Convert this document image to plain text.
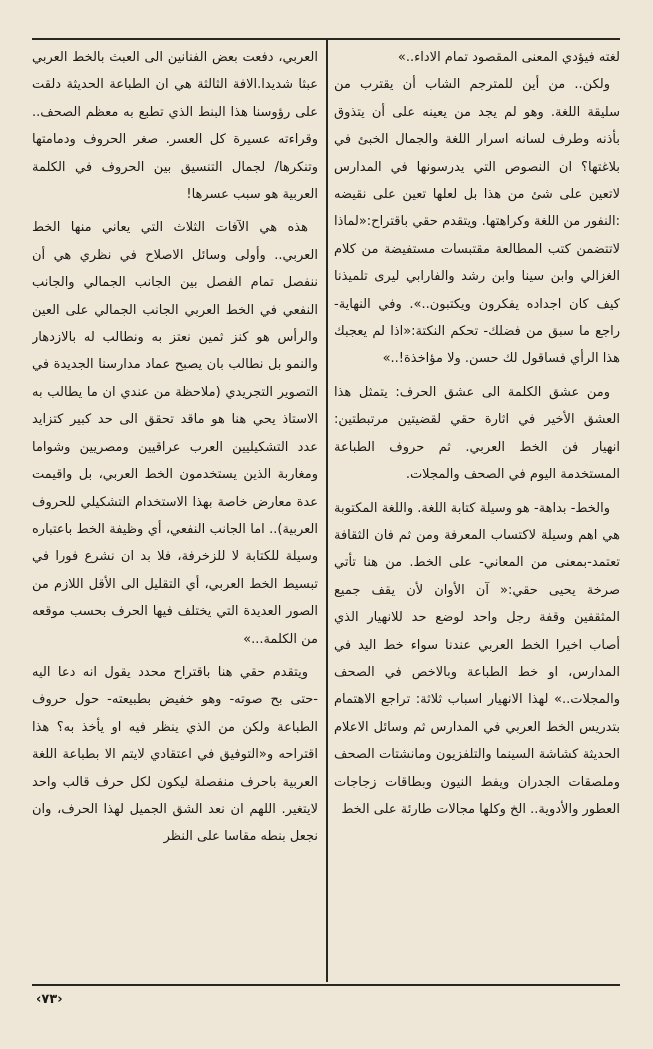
لغته فيؤدي المعنى المقصود تمام الاداء..»

ولكن.. من أين للمترجم الشاب أن يقترب من سليقة اللغة. وهو لم يجد من يعينه على أن يتذوق بأذنه وطرف لسانه اسرار اللغة والجمال الخبئ في بلاغتها؟ ان النصوص التي يدرسونها في المدارس لاتعين على شئ من هذا بل لعلها تعين على نقيضه :النفور من اللغة وكراهتها. ويتقدم حقي باقتراح:«لماذا لاتتضمن كتب المطالعة مقتبسات مستفيضة من كلام الغزالي وابن سينا وابن رشد والفارابي ليرى تلميذنا كيف كان اجداده يفكرون ويكتبون..». وفي النهاية- راجع ما سبق من فضلك- تحكم النكتة:«اذا لم يعجبك هذا الرأي فساقول لك حسن. ولا مؤاخذة!..»

ومن عشق الكلمة الى عشق الحرف: يتمثل هذا العشق الأخير في اثارة حقي لقضيتين مرتبطتين: انهيار فن الخط العربي. ثم حروف الطباعة المستخدمة اليوم في الصحف والمجلات.

والخط- بداهة- هو وسيلة كتابة اللغة. واللغة المكتوبة هي اهم وسيلة لاكتساب المعرفة ومن ثم فان الثقافة تعتمد-بمعنى من المعاني- على الخط. من هنا تأتي صرخة يحيى حقي:« آن الأوان لأن يقف جميع المثقفين وقفة رجل واحد لوضع حد للانهيار الذي أصاب اخيرا الخط العربي عندنا سواء خط اليد في المدارس، او خط الطباعة وبالاخص في الصحف والمجلات..» لهذا الانهيار اسباب ثلاثة: تراجع الاهتمام بتدريس الخط العربي في المدارس ثم وسائل الاعلام الحديثة كشاشة السينما والتلفزيون ومانشتات الصحف وملصقات الجدران ويفط النيون وبطاقات زجاجات العطور والأدوية.. الخ وكلها مجالات طارئة على الخط

العربي، دفعت بعض الفنانين الى العبث بالخط العربي عبثا شديدا.الافة الثالثة هي ان الطباعة الحديثة دلقت على رؤوسنا هذا البنط الذي تطبع به معظم الصحف.. وقراءته عسيرة كل العسر. صغر الحروف ودمامتها وتنكرها/ لجمال التنسيق بين الحروف في الكلمة العربية هو سبب عسرها!

هذه هي الآفات الثلاث التي يعاني منها الخط العربي.. وأولى وسائل الاصلاح في نظري هي أن ننفصل تمام الفصل بين الجانب الجمالي والجانب النفعي في الخط العربي الجانب الجمالي على العين والرأس هو كنز ثمين نعتز به ونطالب له بالازدهار والنمو بل نطالب بان يصبح عماد مدارسنا الجديدة في التصوير التجريدي (ملاحظة من عندي ان ما يطالب به الاستاذ يحي هنا هو ماقد تحقق الى حد كبير كتزايد عدد التشكيليين العرب عراقيين ومصريين وشواما ومغاربة الذين يستخدمون الخط العربي، بل واقيمت عدة معارض خاصة بهذا الاستخدام التشكيلي للحروف العربية).. اما الجانب النفعي، أي وظيفة الخط باعتباره وسيلة للكتابة لا للزخرفة، فلا بد ان نشرع فورا في تبسيط الخط العربي، أي التقليل الى الأقل اللازم من الصور العديدة التي يختلف فيها الحرف بحسب موقعه من الكلمة...»

ويتقدم حقي هنا باقتراح محدد يقول انه دعا اليه -حتى بح صوته- وهو خفيض بطبيعته- حول حروف الطباعة ولكن من الذي ينظر فيه او يأخذ به؟ هذا اقتراحه و«التوفيق في اعتقادي لايتم الا بطباعة اللغة العربية باحرف منفصلة ليكون لكل حرف قالب واحد لايتغير. اللهم ان نعد الشق الجميل لهذا الحرف، وان نجعل بنطه مقاسا على النظر

‹٧٣›
